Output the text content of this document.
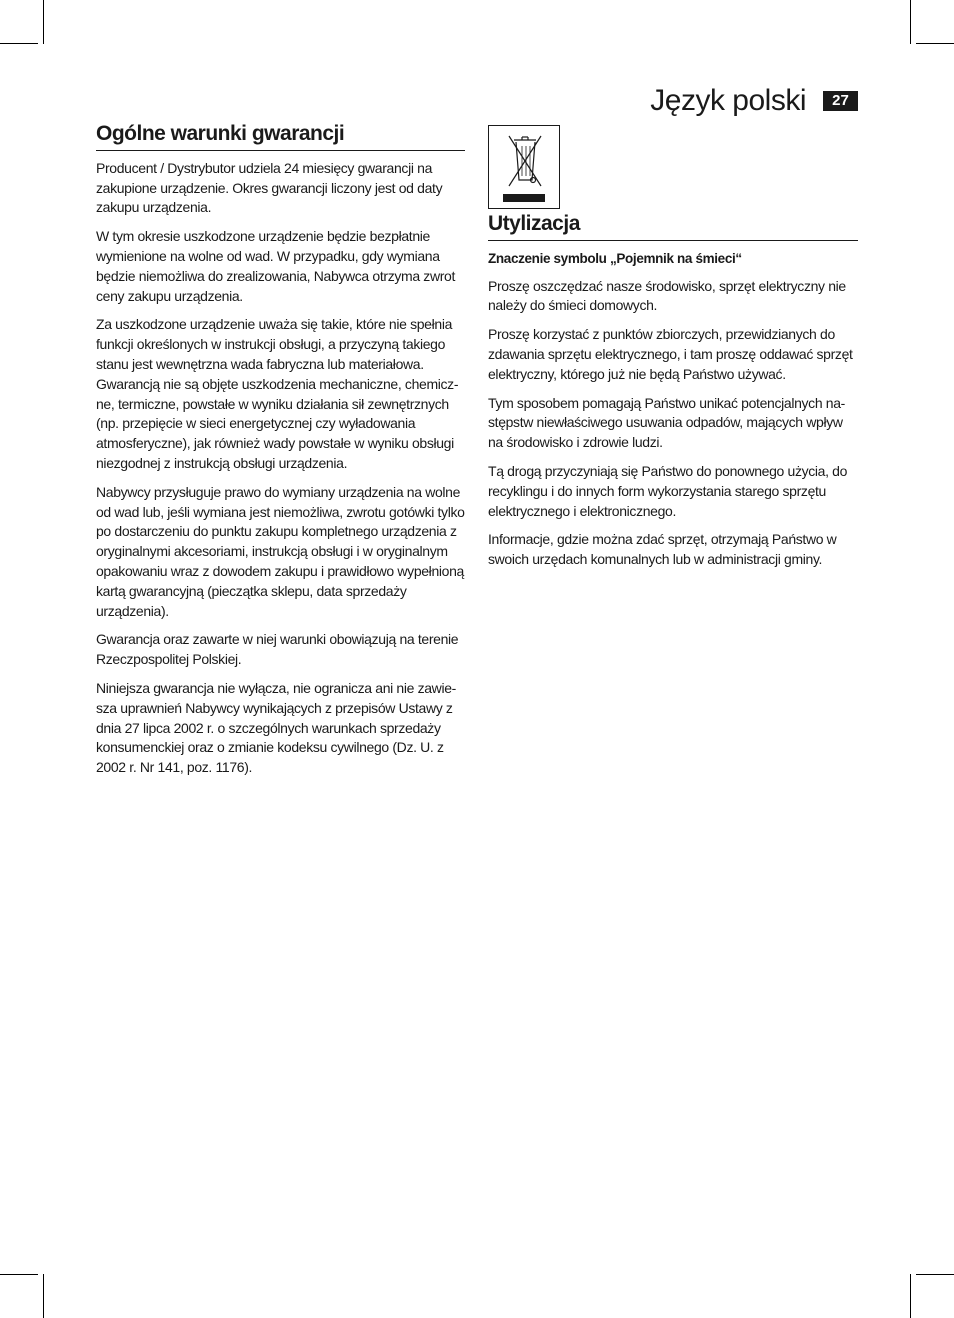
Język polski	27
Ogólne warunki gwarancji

Producent / Dystrybutor udziela 24 miesięcy gwarancji na zakupione urządzenie. Okres gwarancji liczony jest od daty zakupu urządzenia.

W tym okresie uszkodzone urządzenie będzie bezpłatnie wymienione na wolne od wad. W przypadku, gdy wymiana będzie niemożliwa do zrealizowania, Nabywca otrzyma zwrot ceny zakupu urządzenia.

Za uszkodzone urządzenie uważa się takie, które nie spełnia funkcji określonych w instrukcji obsługi, a przyczyną takiego stanu jest wewnętrzna wada fabryczna lub materiałowa. Gwarancją nie są objęte uszkodzenia mechaniczne, chemiczne, termiczne, powstałe w wyniku działania sił zewnętrznych (np. przepięcie w sieci energetycznej czy wyładowania atmosferyczne), jak również wady powstałe w wyniku obsługi niezgodnej z instrukcją obsługi urządzenia.

Nabywcy przysługuje prawo do wymiany urządzenia na wolne od wad lub, jeśli wymiana jest niemożliwa, zwrotu gotówki tylko po dostarczeniu do punktu zakupu kompletnego urządzenia z oryginalnymi akcesoriami, instrukcją obsługi i w oryginalnym opakowaniu wraz z dowodem zakupu i prawidłowo wypełnioną kartą gwarancyjną (pieczątka sklepu, data sprzedaży urządzenia).

Gwarancja oraz zawarte w niej warunki obowiązują na terenie Rzeczpospolitej Polskiej.

Niniejsza gwarancja nie wyłącza, nie ogranicza ani nie zawiesza uprawnień Nabywcy wynikających z przepisów Ustawy z dnia 27 lipca 2002 r. o szczególnych warunkach sprzedaży konsumenckiej oraz o zmianie kodeksu cywilnego (Dz. U. z 2002 r. Nr 141, poz. 1176).

Utylizacja

Znaczenie symbolu „Pojemnik na śmieci“

Proszę oszczędzać nasze środowisko, sprzęt elektryczny nie należy do śmieci domowych.

Proszę korzystać z punktów zbiorczych, przewidzianych do zdawania sprzętu elektrycznego, i tam proszę oddawać sprzęt elektryczny, którego już nie będą Państwo używać.

Tym sposobem pomagają Państwo unikać potencjalnych następstw niewłaściwego usuwania odpadów, mających wpływ na środowisko i zdrowie ludzi.

Tą drogą przyczyniają się Państwo do ponownego użycia, do recyklingu i do innych form wykorzystania starego sprzętu elektrycznego i elektronicznego.

Informacje, gdzie można zdać sprzęt, otrzymają Państwo w swoich urzędach komunalnych lub w administracji gminy.
